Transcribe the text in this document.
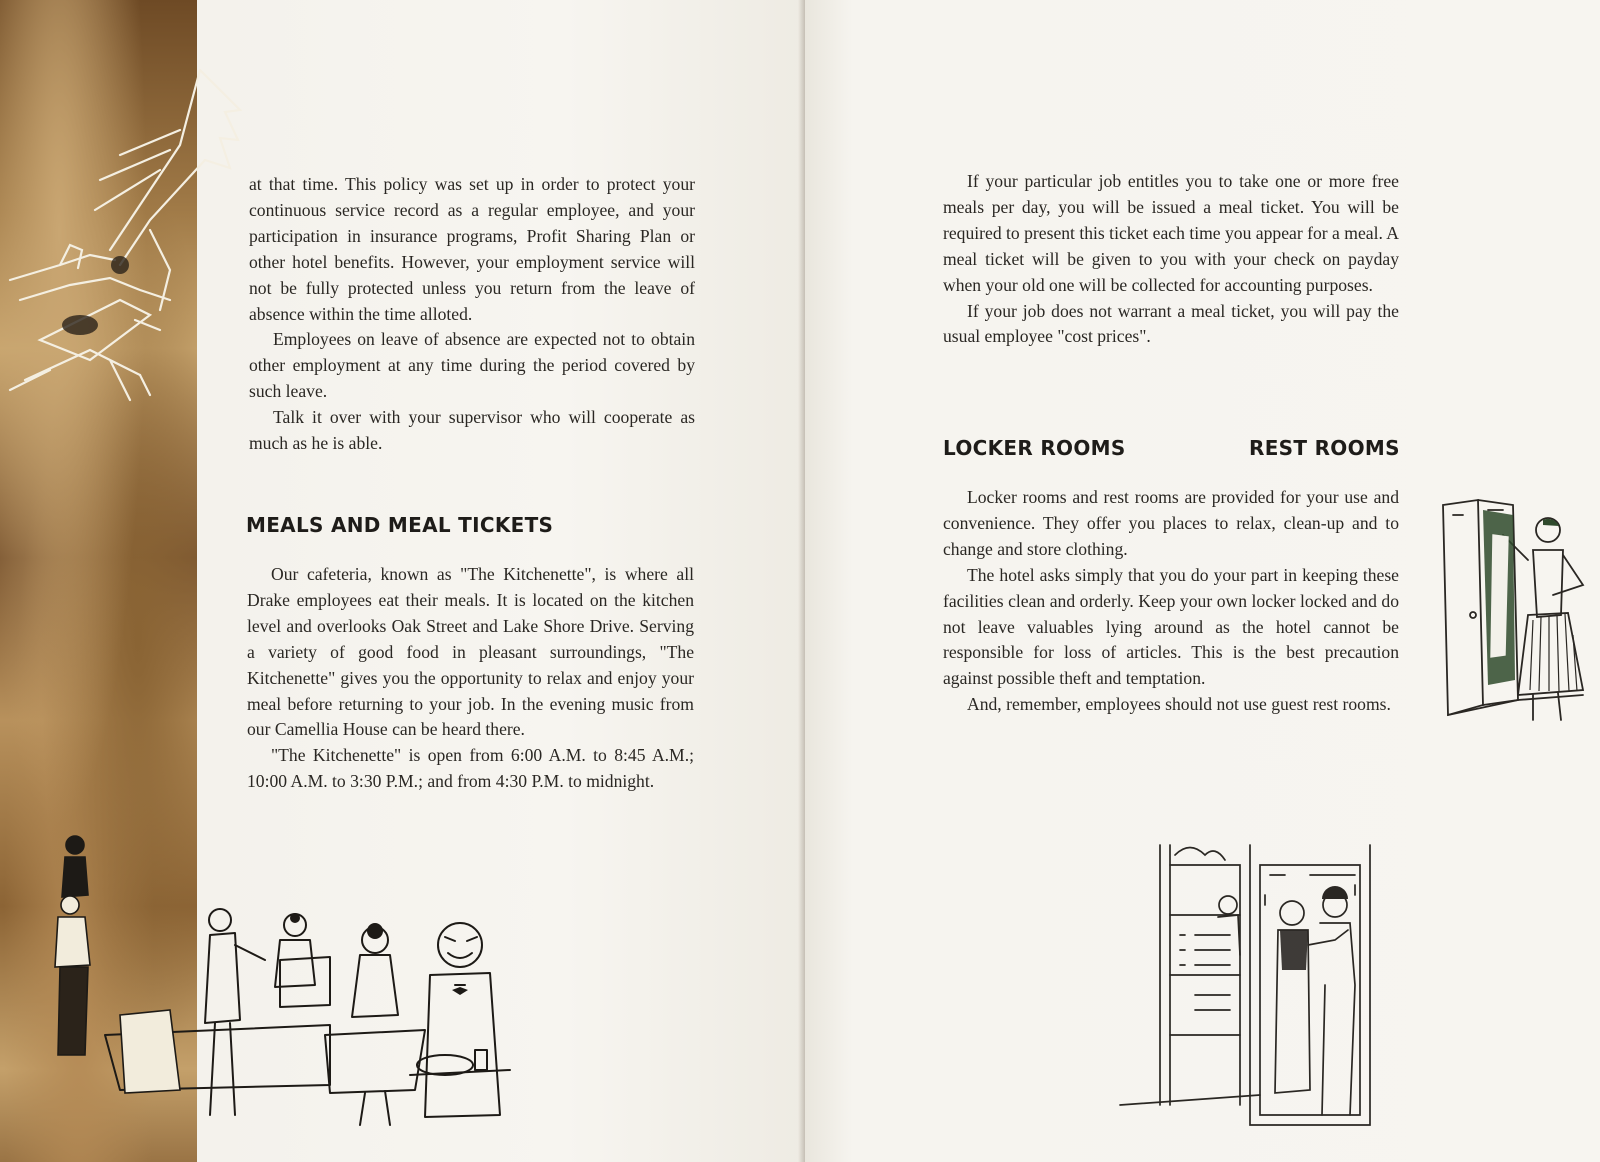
at that time. This policy was set up in order to protect your continuous service record as a regular employee, and your participation in insurance programs, Profit Sharing Plan or other hotel benefits. However, your employment service will not be fully protected unless you return from the leave of absence within the time alloted.

Employees on leave of absence are expected not to obtain other employment at any time during the period covered by such leave.

Talk it over with your supervisor who will cooperate as much as he is able.

MEALS AND MEAL TICKETS

Our cafeteria, known as "The Kitchenette", is where all Drake employees eat their meals. It is located on the kitchen level and overlooks Oak Street and Lake Shore Drive. Serving a variety of good food in pleasant surroundings, "The Kitchenette" gives you the opportunity to relax and enjoy your meal before returning to your job. In the evening music from our Camellia House can be heard there.

"The Kitchenette" is open from 6:00 A.M. to 8:45 A.M.; 10:00 A.M. to 3:30 P.M.; and from 4:30 P.M. to midnight.

If your particular job entitles you to take one or more free meals per day, you will be issued a meal ticket. You will be required to present this ticket each time you appear for a meal. A meal ticket will be given to you with your check on payday when your old one will be collected for accounting purposes.

If your job does not warrant a meal ticket, you will pay the usual employee "cost prices".

LOCKER ROOMS	REST ROOMS

Locker rooms and rest rooms are provided for your use and convenience. They offer you places to relax, clean-up and to change and store clothing.

The hotel asks simply that you do your part in keeping these facilities clean and orderly. Keep your own locker locked and do not leave valuables lying around as the hotel cannot be responsible for loss of articles. This is the best precaution against possible theft and temptation.

And, remember, employees should not use guest rest rooms.
